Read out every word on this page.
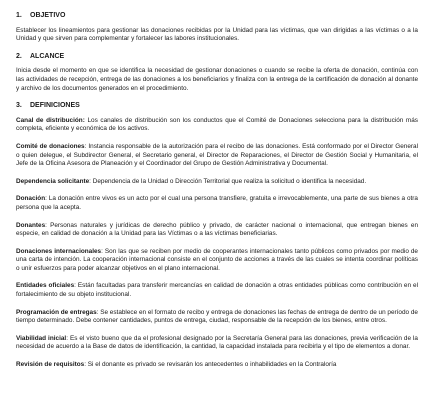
1. OBJETIVO

Establecer los lineamientos para gestionar las donaciones recibidas por la Unidad para las víctimas, que van dirigidas a las víctimas o a la Unidad y que sirven para complementar y fortalecer las labores institucionales.

2. ALCANCE

Inicia desde el momento en que se identifica la necesidad de gestionar donaciones o cuando se recibe la oferta de donación, continúa con las actividades de recepción, entrega de las donaciones a los beneficiarios y finaliza con la entrega de la certificación de donación al donante y archivo de los documentos generados en el procedimiento.

3. DEFINICIONES

Canal de distribución: Los canales de distribución son los conductos que el Comité de Donaciones selecciona para la distribución más completa, eficiente y económica de los activos.

Comité de donaciones: Instancia responsable de la autorización para el recibo de las donaciones. Está conformado por el Director General o quien delegue, el Subdirector General, el Secretario general, el Director de Reparaciones, el Director de Gestión Social y Humanitaria, el Jefe de la Oficina Asesora de Planeación y el Coordinador del Grupo de Gestión Administrativa y Documental.

Dependencia solicitante: Dependencia de la Unidad o Dirección Territorial que realiza la solicitud o identifica la necesidad.

Donación: La donación entre vivos es un acto por el cual una persona transfiere, gratuita e irrevocablemente, una parte de sus bienes a otra persona que la acepta.

Donantes: Personas naturales y jurídicas de derecho público y privado, de carácter nacional o internacional, que entregan bienes en especie, en calidad de donación a la Unidad para las Víctimas o a las víctimas beneficiarias.

Donaciones internacionales: Son las que se reciben por medio de cooperantes internacionales tanto públicos como privados por medio de una carta de intención. La cooperación internacional consiste en el conjunto de acciones a través de las cuales se intenta coordinar políticas o unir esfuerzos para poder alcanzar objetivos en el plano internacional.

Entidades oficiales: Están facultadas para transferir mercancías en calidad de donación a otras entidades públicas como contribución en el fortalecimiento de su objeto institucional.

Programación de entregas: Se establece en el formato de recibo y entrega de donaciones las fechas de entrega de dentro de un período de tiempo determinado. Debe contener cantidades, puntos de entrega, ciudad, responsable de la recepción de los bienes, entre otros.

Viabilidad inicial: Es el visto bueno que da el profesional designado por la Secretaría General para las donaciones, previa verificación de la necesidad de acuerdo a la Base de datos de identificación, la cantidad, la capacidad instalada para recibirla y el tipo de elementos a donar.

Revisión de requisitos: Si el donante es privado se revisarán los antecedentes o inhabilidades en la Contraloría
